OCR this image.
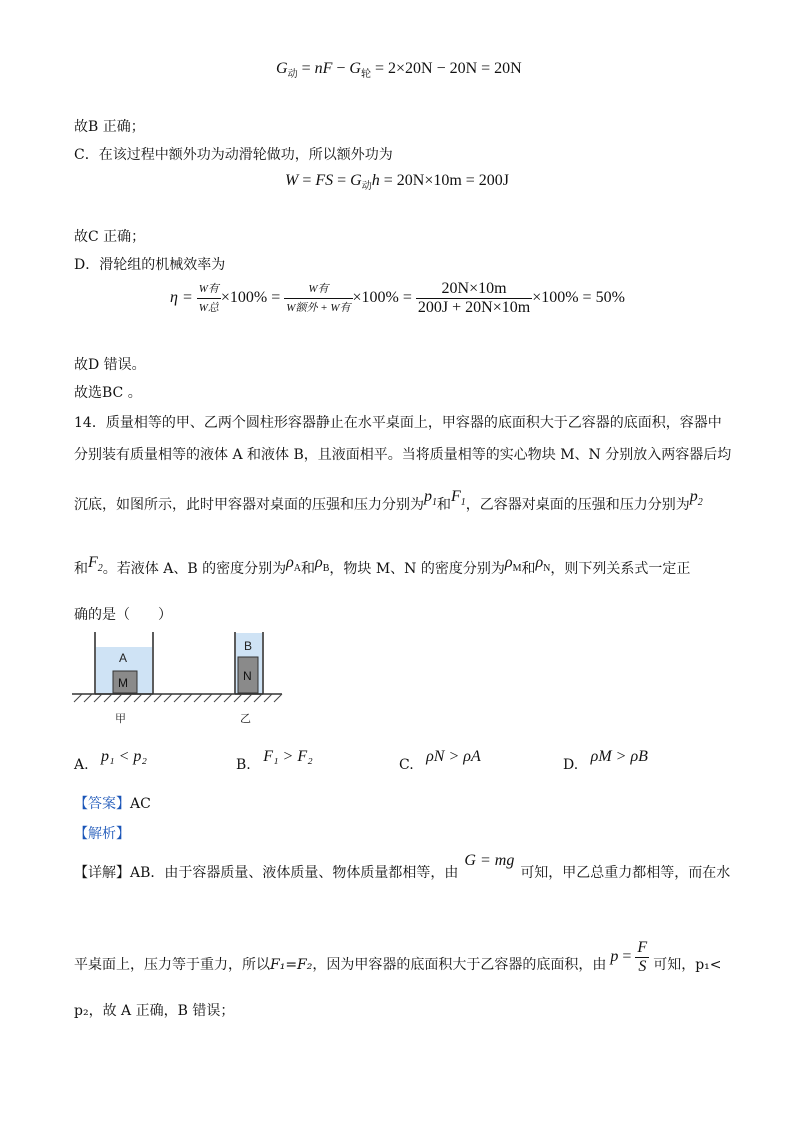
$G_动$ = nF − $G_轮 = 2\times 20N - 20N = 20N$
故B 正确；
C．在该过程中额外功为动滑轮做功，所以额外功为
W = FS = $G_动h = 20N\times 10m = 200J$
故C 正确；
D．滑轮组的机械效率为
$\eta = \frac{\text{W有}}{\text{W总}} \times 100\% = \frac{\text{W有}}{\text{W额外 + W有}} \times 100\% = \frac{20N\times 10m}{200J + 20N\times 10m} \times 100\% = 50\%$
故D 错误。
故选BC 。
14．质量相等的甲、乙两个圆柱形容器静止在水平桌面上，甲容器的底面积大于乙容器的底面积，容器中
分别装有质量相等的液体 A 和液体 B，且液面相平。当将质量相等的实心物块 M、N 分别放入两容器后均
沉底，如图所示，此时甲容器对桌面的压强和压力分别为$p_1$和$F_1$，乙容器对桌面的压强和压力分别为$p_2$
和$F_2$。若液体 A、B 的密度分别为$\rho_A$和$\rho_B$，物块 M、N 的密度分别为$\rho_M$和$\rho_N$，则下列关系式一定正
确的是（　　）
A
M
B
N
甲	乙
A. p₁ < p₂	B. F₁ > F₂	C. ρN > ρA	D. ρM > ρB
【答案】AC
【解析】
【详解】AB．由于容器质量、液体质量、物体质量都相等，由G = mg可知，甲乙总重力都相等，而在水
平桌面上，压力等于重力，所以F₁=F₂，因为甲容器的底面积大于乙容器的底面积，由 $p = \frac{F}{S}$ 可知，p₁<
p₂，故 A 正确，B 错误；
